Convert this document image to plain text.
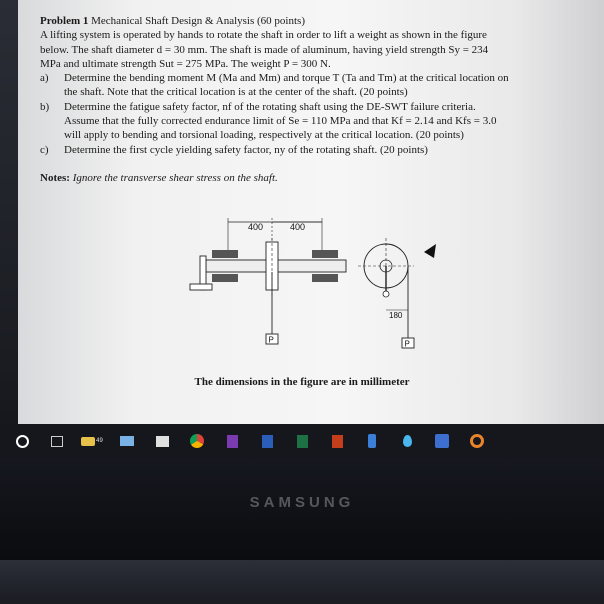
Problem 1 Mechanical Shaft Design & Analysis (60 points)

A lifting system is operated by hands to rotate the shaft in order to lift a weight as shown in the figure

below. The shaft diameter d = 30 mm. The shaft is made of aluminum, having yield strength Sy = 234

MPa and ultimate strength Sut = 275 MPa. The weight P = 300 N.

a)	Determine the bending moment M (Ma and Mm) and torque T (Ta and Tm) at the critical location on

the shaft. Note that the critical location is at the center of the shaft. (20 points)

b)	Determine the fatigue safety factor, nf of the rotating shaft using the DE-SWT failure criteria.

Assume that the fully corrected endurance limit of Se = 110 MPa and that Kf = 2.14 and Kfs = 3.0

will apply to bending and torsional loading, respectively at the critical location. (20 points)

c)	Determine the first cycle yielding safety factor, ny of the rotating shaft. (20 points)

Notes: Ignore the transverse shear stress on the shaft.

400	400
P	P
180
The dimensions in the figure are in millimeter
49
SAMSUNG
